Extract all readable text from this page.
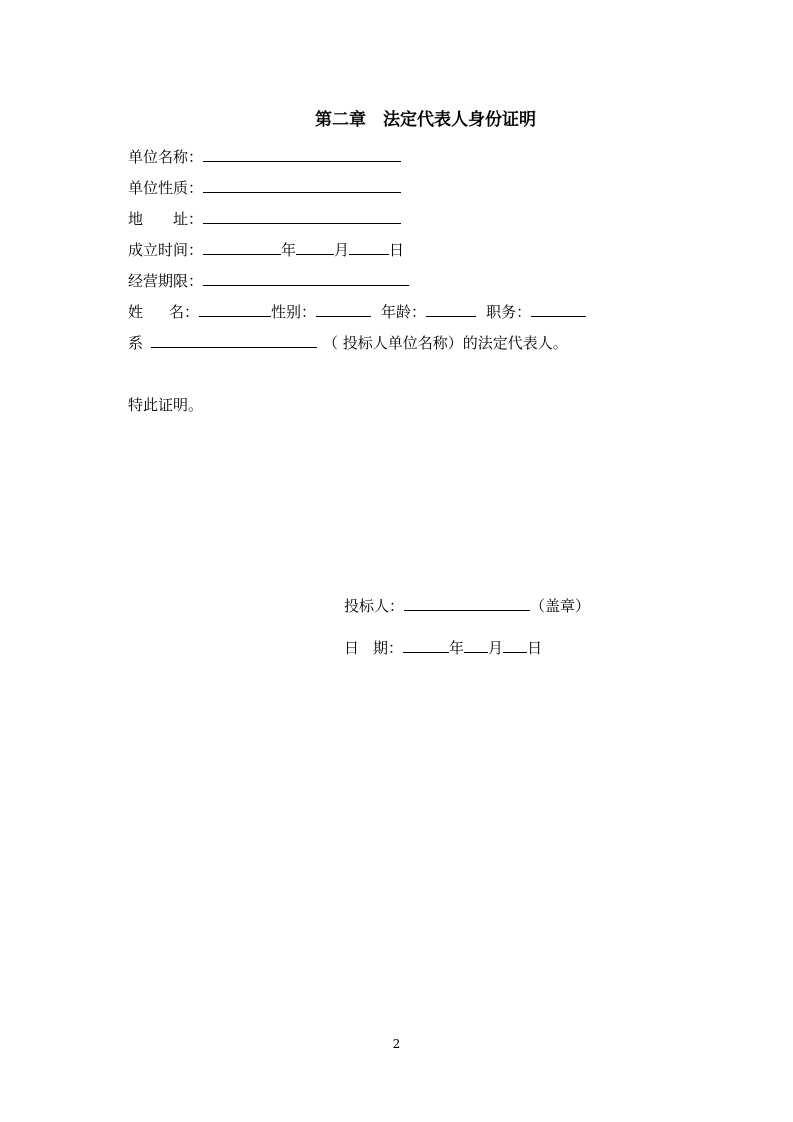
第二章　法定代表人身份证明
单位名称：
单位性质：
地 址：
成立时间：	年	月	日
经营期限：
姓 名：	性别：	年龄：	职务：
系	（ 投标人单位名称）的法定代表人。
特此证明。
投标人：	（盖章）
日 期：	年 月 日
2
